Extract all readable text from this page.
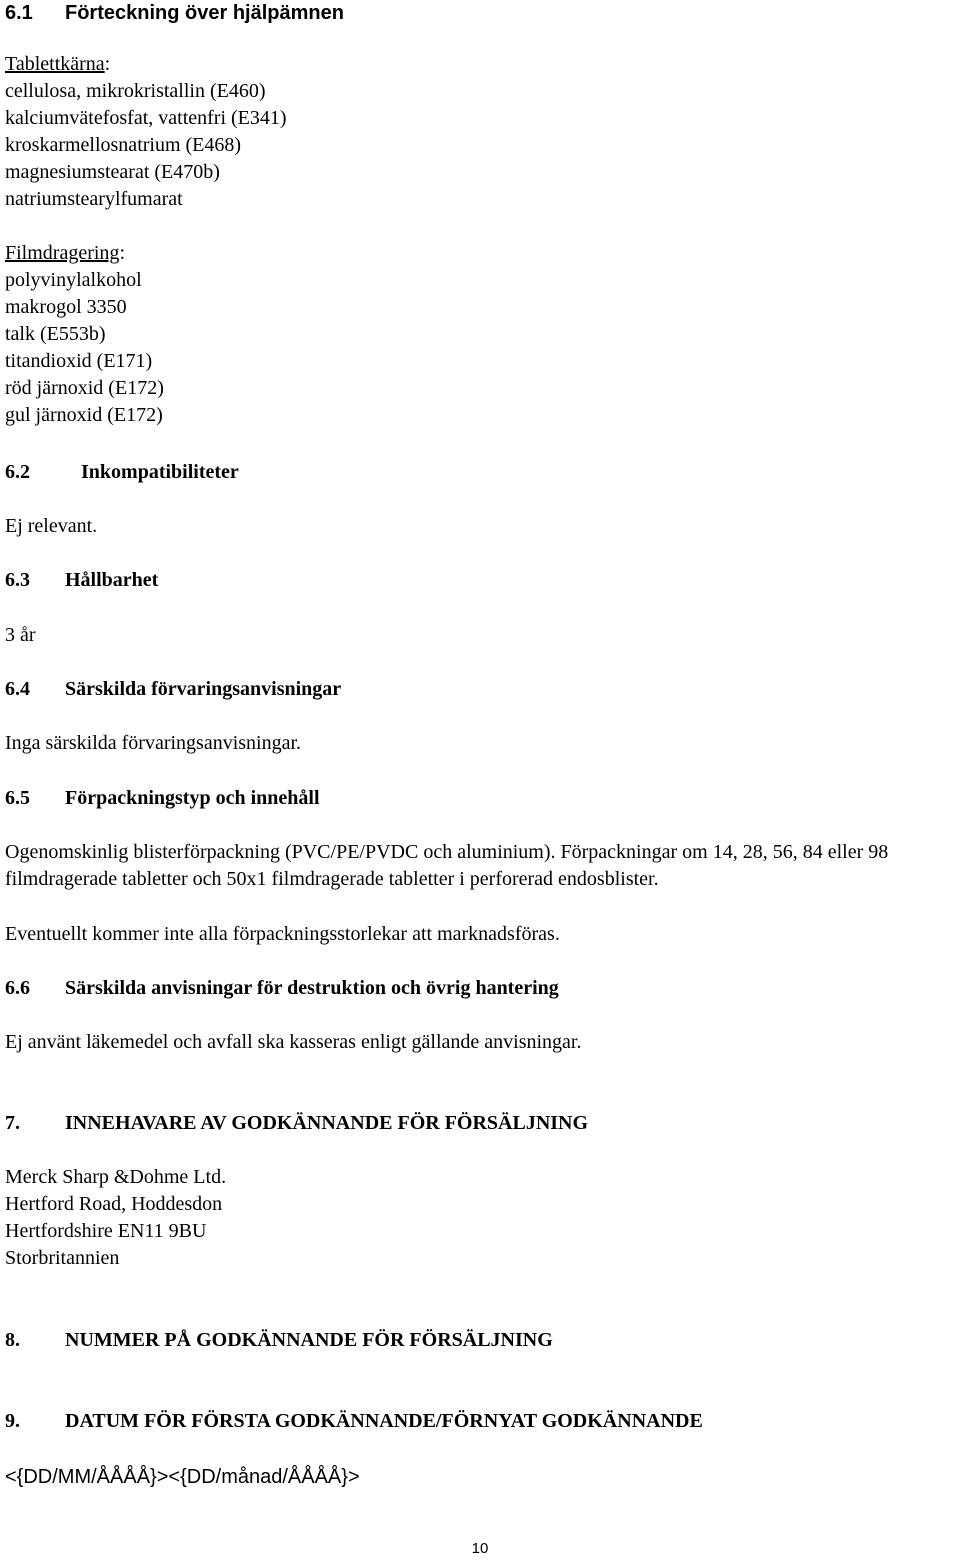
6.1 Förteckning över hjälpämnen
Tablettkärna:
cellulosa, mikrokristallin (E460)
kalciumvätefosfat, vattenfri (E341)
kroskarmellosnatrium (E468)
magnesiumstearat (E470b)
natriumstearylfumarat
Filmdragering:
polyvinylalkohol
makrogol 3350
talk (E553b)
titandioxid (E171)
röd järnoxid (E172)
gul järnoxid (E172)
6.2	Inkompatibiliteter
Ej relevant.
6.3 Hållbarhet
3 år
6.4 Särskilda förvaringsanvisningar
Inga särskilda förvaringsanvisningar.
6.5 Förpackningstyp och innehåll
Ogenomskinlig blisterförpackning (PVC/PE/PVDC och aluminium). Förpackningar om 14, 28, 56, 84 eller 98 filmdragerade tabletter och 50x1 filmdragerade tabletter i perforerad endosblister.
Eventuellt kommer inte alla förpackningsstorlekar att marknadsföras.
6.6 Särskilda anvisningar för destruktion och övrig hantering
Ej använt läkemedel och avfall ska kasseras enligt gällande anvisningar.
7. INNEHAVARE AV GODKÄNNANDE FÖR FÖRSÄLJNING
Merck Sharp &Dohme Ltd.
Hertford Road, Hoddesdon
Hertfordshire EN11 9BU
Storbritannien
8. NUMMER PÅ GODKÄNNANDE FÖR FÖRSÄLJNING
9. DATUM FÖR FÖRSTA GODKÄNNANDE/FÖRNYAT GODKÄNNANDE
<{DD/MM/ÅÅÅÅ}><{DD/månad/ÅÅÅÅ}>
10
